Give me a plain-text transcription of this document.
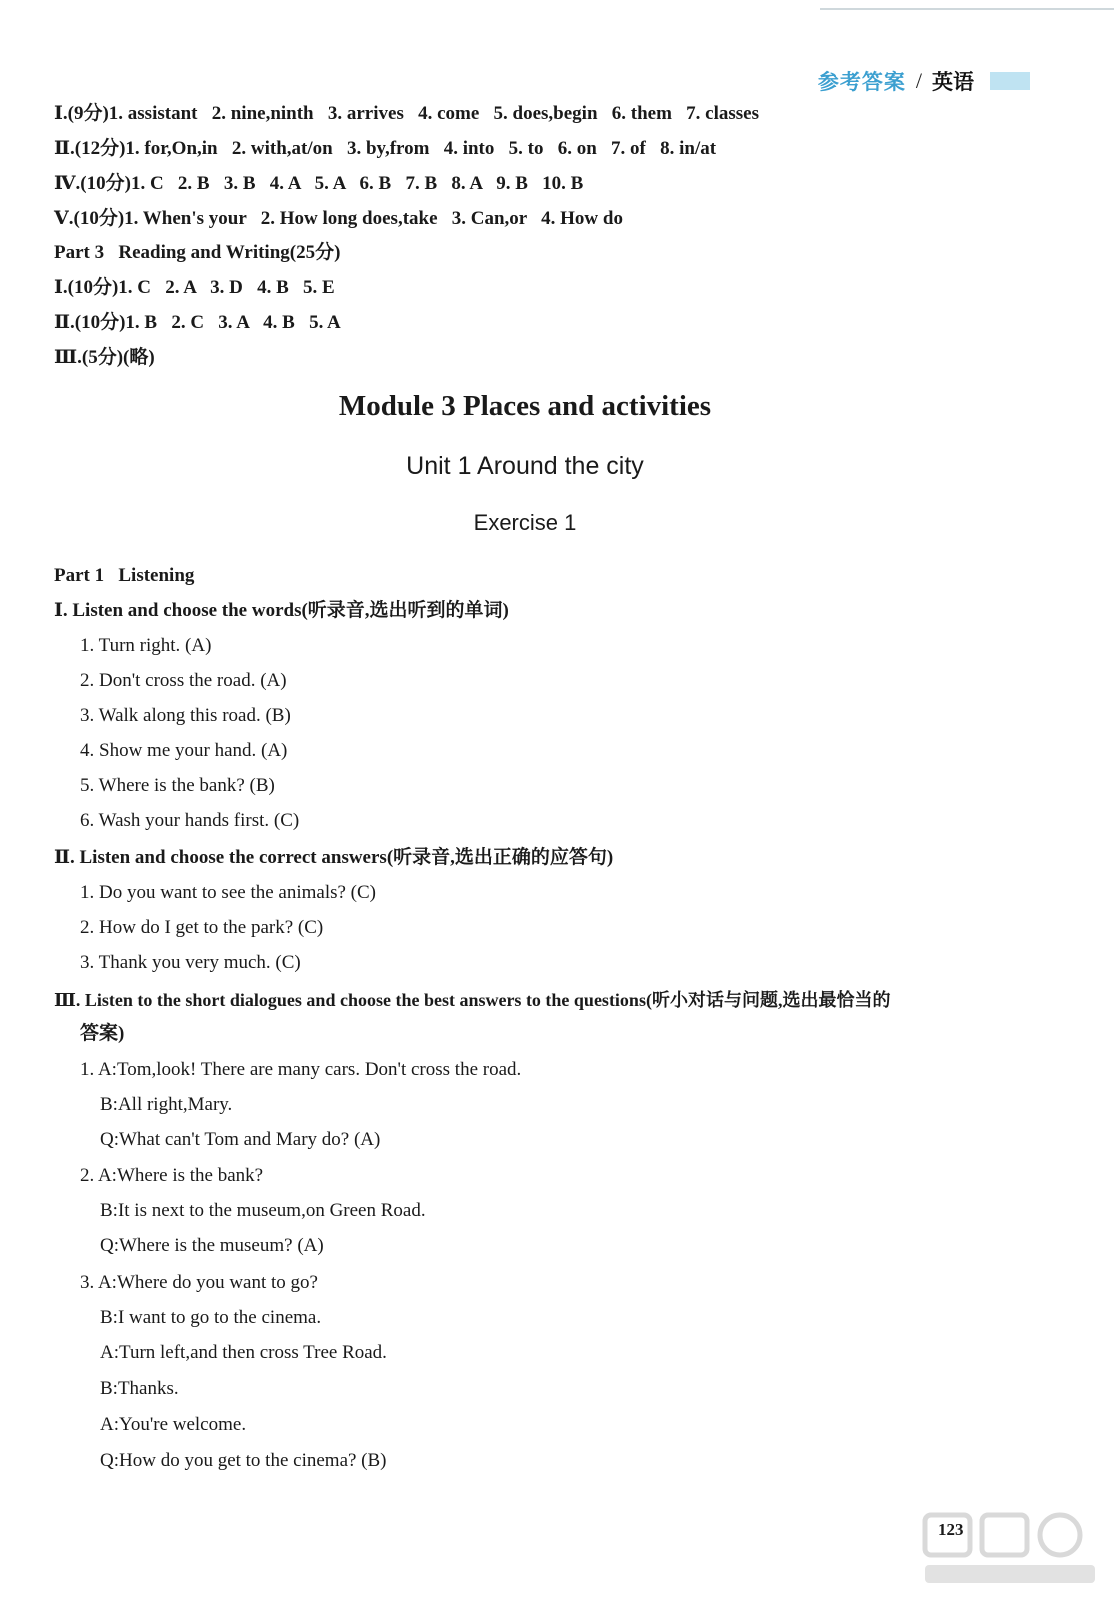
参考答案 / 英语
Ⅰ.(9分)1. assistant   2. nine,ninth   3. arrives   4. come   5. does,begin   6. them   7. classes
Ⅱ.(12分)1. for,On,in   2. with,at/on   3. by,from   4. into   5. to   6. on   7. of   8. in/at
Ⅳ.(10分)1. C   2. B   3. B   4. A   5. A   6. B   7. B   8. A   9. B   10. B
Ⅴ.(10分)1. When's your   2. How long does,take   3. Can,or   4. How do
Part 3   Reading and Writing(25分)
Ⅰ.(10分)1. C   2. A   3. D   4. B   5. E
Ⅱ.(10分)1. B   2. C   3. A   4. B   5. A
Ⅲ.(5分)(略)
Module 3 Places and activities
Unit 1 Around the city
Exercise 1
Part 1   Listening
Ⅰ. Listen and choose the words(听录音,选出听到的单词)
1. Turn right. (A)
2. Don't cross the road. (A)
3. Walk along this road. (B)
4. Show me your hand. (A)
5. Where is the bank? (B)
6. Wash your hands first. (C)
Ⅱ. Listen and choose the correct answers(听录音,选出正确的应答句)
1. Do you want to see the animals? (C)
2. How do I get to the park? (C)
3. Thank you very much. (C)
Ⅲ. Listen to the short dialogues and choose the best answers to the questions(听小对话与问题,选出最恰当的
答案)
1. A:Tom,look! There are many cars. Don't cross the road.
B:All right,Mary.
Q:What can't Tom and Mary do? (A)
2. A:Where is the bank?
B:It is next to the museum,on Green Road.
Q:Where is the museum? (A)
3. A:Where do you want to go?
B:I want to go to the cinema.
A:Turn left,and then cross Tree Road.
B:Thanks.
A:You're welcome.
Q:How do you get to the cinema? (B)
123
